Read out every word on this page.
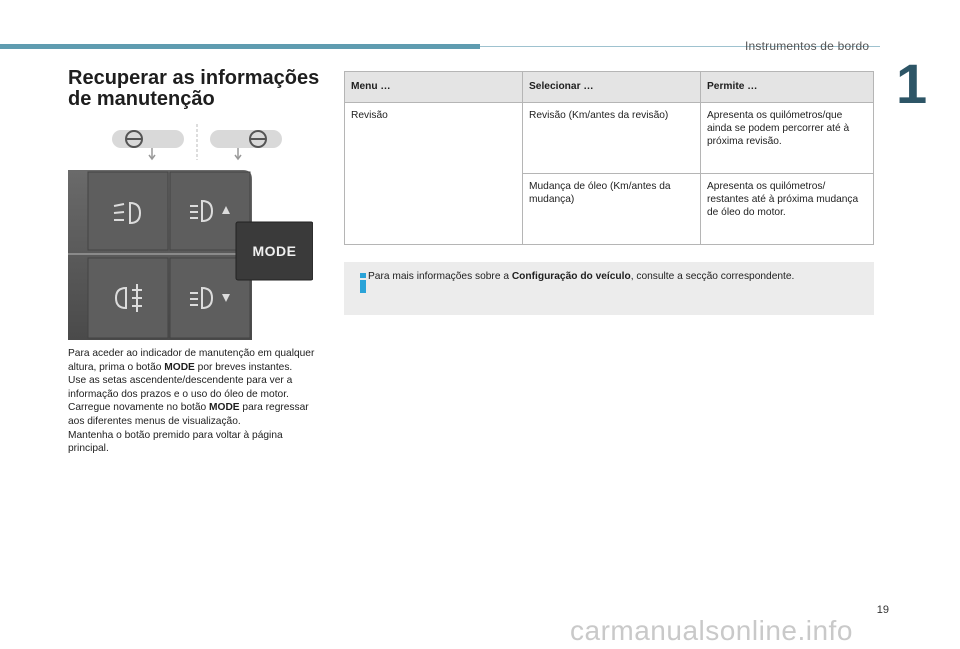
Instrumentos de bordo
1
Recuperar as informações
de manutenção
MODE

Para aceder ao indicador de manutenção em qualquer altura, prima o botão MODE por breves instantes.

Use as setas ascendente/descendente para ver a informação dos prazos e o uso do óleo de motor.

Carregue novamente no botão MODE para regressar aos diferentes menus de visualização.

Mantenha o botão premido para voltar à página principal.

Menu …	Selecionar …	Permite …
Revisão	Revisão (Km/antes da revisão)	Apresenta os quilómetros/que ainda se podem percorrer até à próxima revisão.
	Mudança de óleo (Km/antes da mudança)	Apresenta os quilómetros/ restantes até à próxima mudança de óleo do motor.
Para mais informações sobre a Configuração do veículo, consulte a secção correspondente.
19
carmanualsonline.info
